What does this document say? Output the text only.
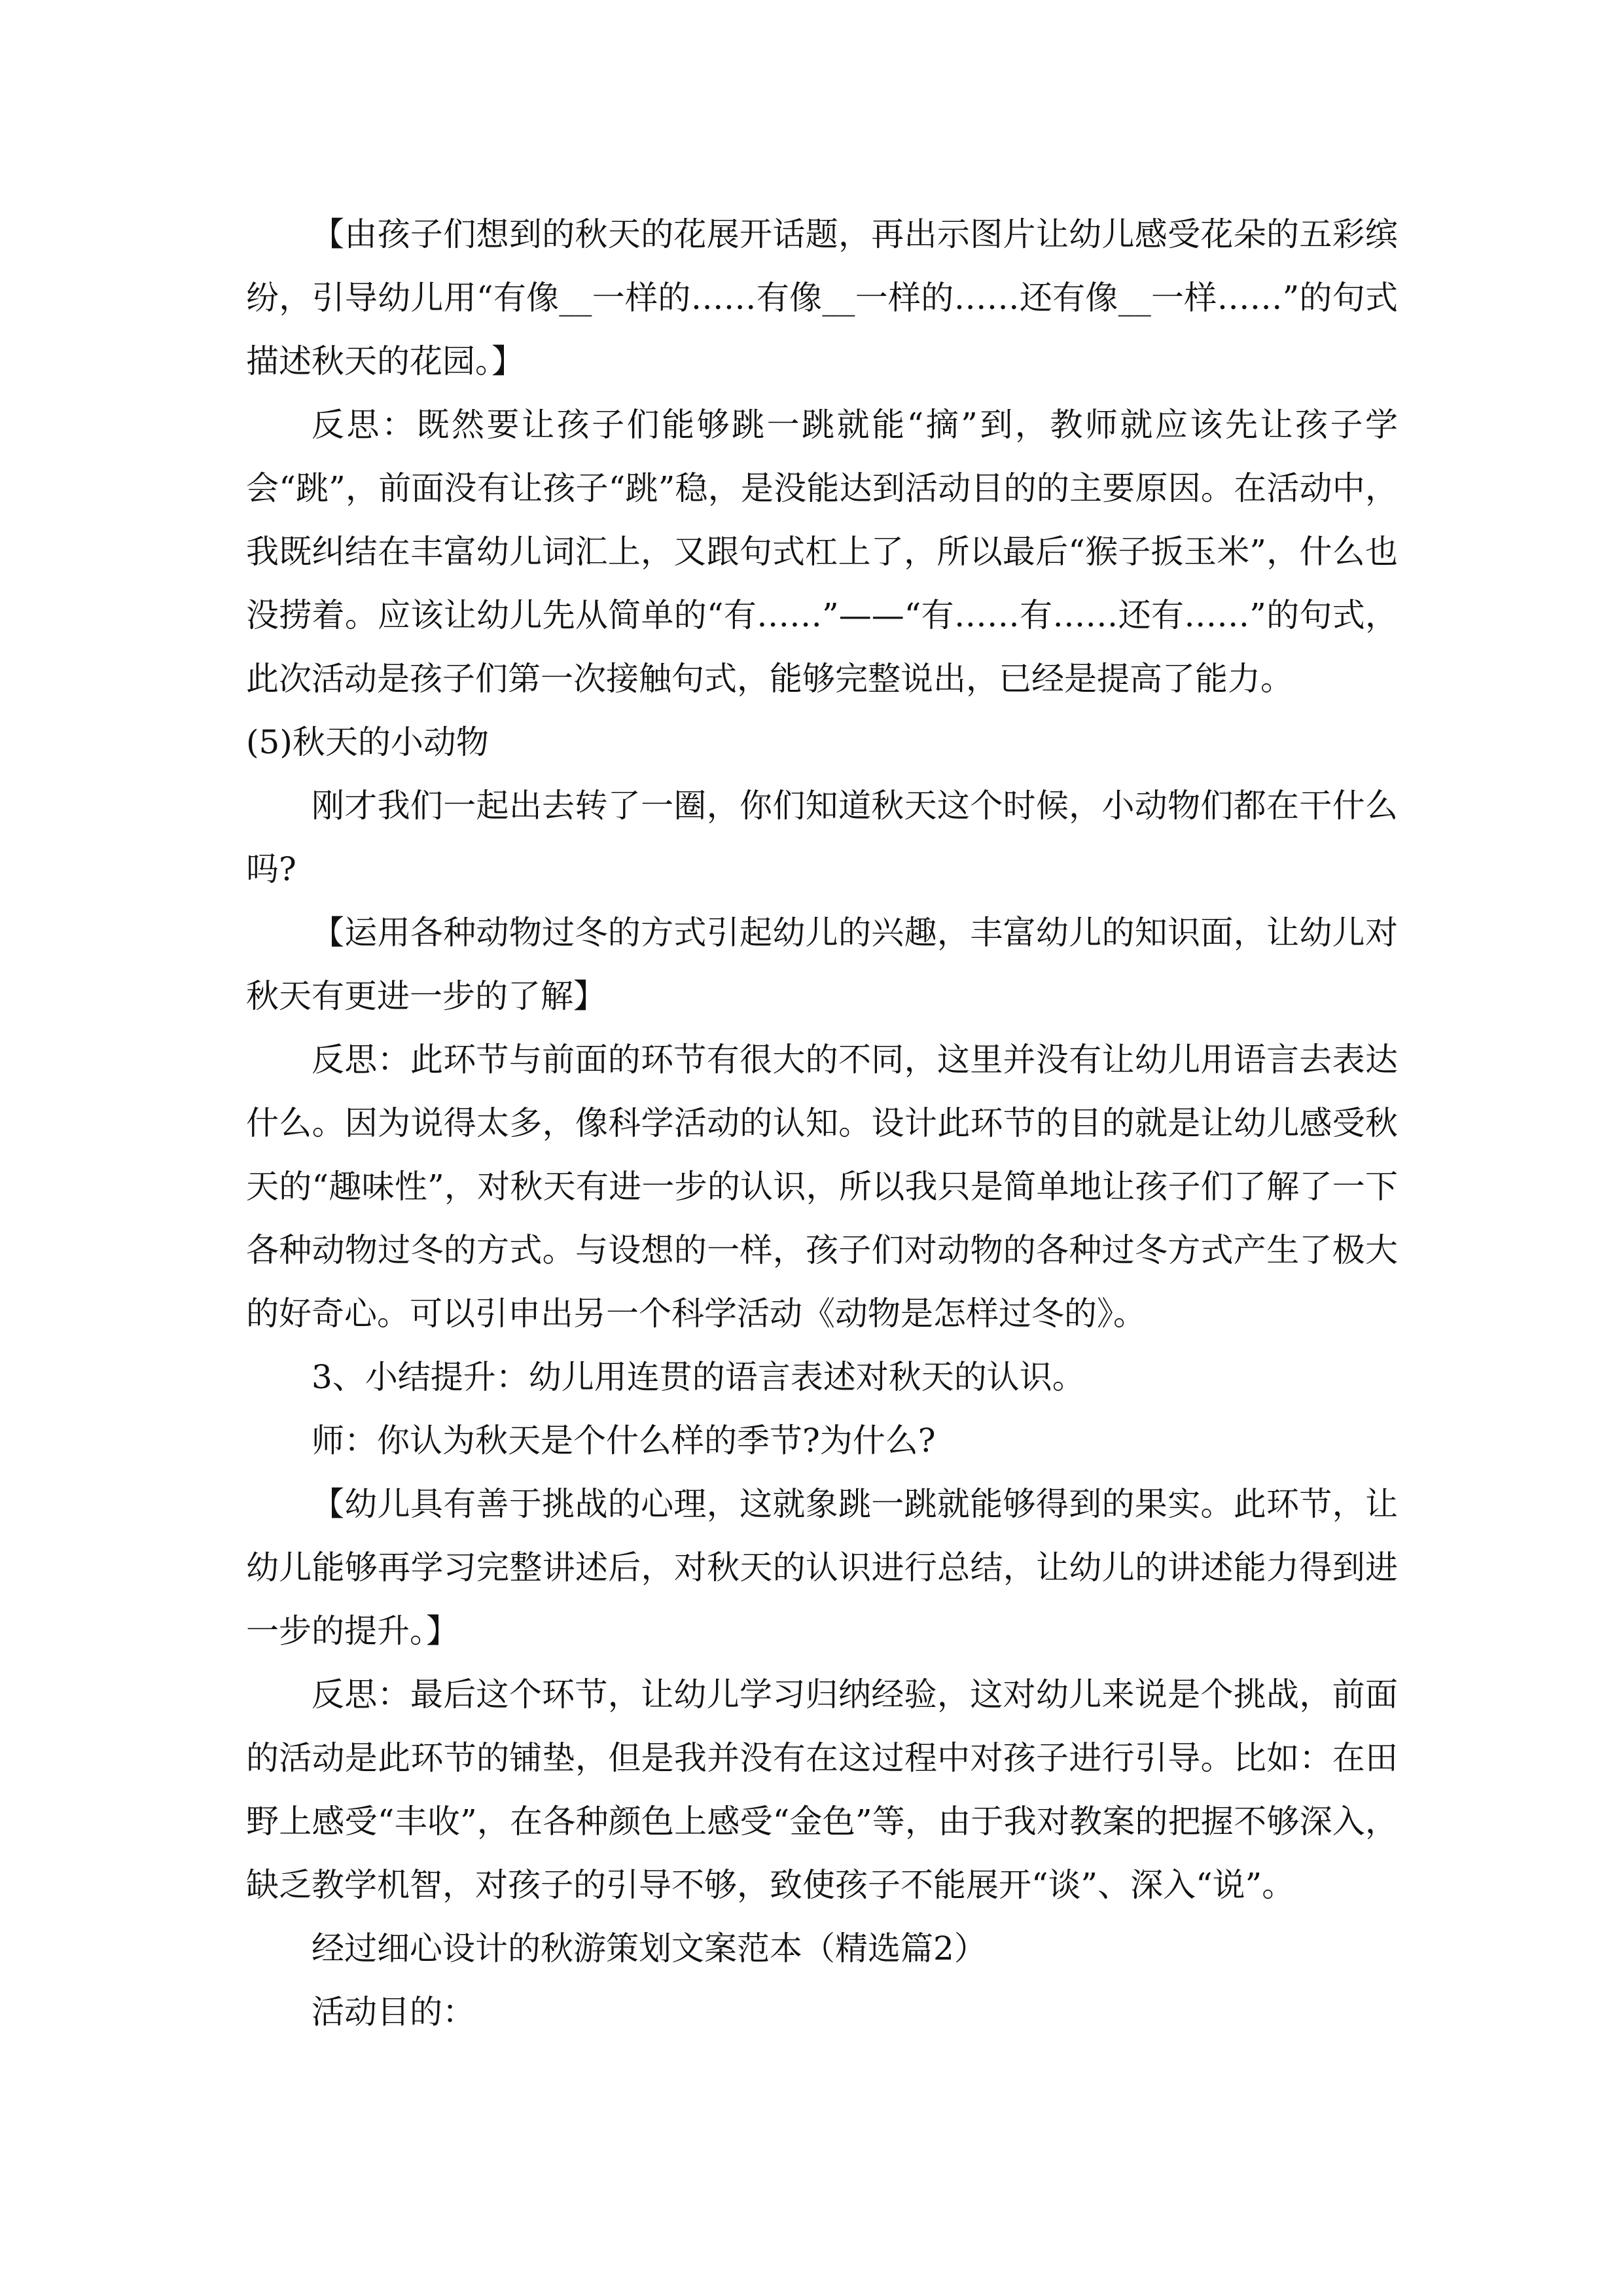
【由孩子们想到的秋天的花展开话题，再出示图片让幼儿感受花朵的五彩缤纷，引导幼儿用“有像__一样的……有像__一样的……还有像__一样……”的句式描述秋天的花园。】

反思：既然要让孩子们能够跳一跳就能“摘”到，教师就应该先让孩子学会“跳”，前面没有让孩子“跳”稳，是没能达到活动目的的主要原因。在活动中，我既纠结在丰富幼儿词汇上，又跟句式杠上了，所以最后“猴子扳玉米”，什么也没捞着。应该让幼儿先从简单的“有……”——“有……有……还有……”的句式，此次活动是孩子们第一次接触句式，能够完整说出，已经是提高了能力。

(5)秋天的小动物

刚才我们一起出去转了一圈，你们知道秋天这个时候，小动物们都在干什么吗?

【运用各种动物过冬的方式引起幼儿的兴趣，丰富幼儿的知识面，让幼儿对秋天有更进一步的了解】

反思：此环节与前面的环节有很大的不同，这里并没有让幼儿用语言去表达什么。因为说得太多，像科学活动的认知。设计此环节的目的就是让幼儿感受秋天的“趣味性”，对秋天有进一步的认识，所以我只是简单地让孩子们了解了一下各种动物过冬的方式。与设想的一样，孩子们对动物的各种过冬方式产生了极大的好奇心。可以引申出另一个科学活动《动物是怎样过冬的》。

3、小结提升：幼儿用连贯的语言表述对秋天的认识。

师：你认为秋天是个什么样的季节?为什么?

【幼儿具有善于挑战的心理，这就象跳一跳就能够得到的果实。此环节，让幼儿能够再学习完整讲述后，对秋天的认识进行总结，让幼儿的讲述能力得到进一步的提升。】

反思：最后这个环节，让幼儿学习归纳经验，这对幼儿来说是个挑战，前面的活动是此环节的铺垫，但是我并没有在这过程中对孩子进行引导。比如：在田野上感受“丰收”，在各种颜色上感受“金色”等，由于我对教案的把握不够深入，缺乏教学机智，对孩子的引导不够，致使孩子不能展开“谈”、深入“说”。

经过细心设计的秋游策划文案范本（精选篇2）

活动目的：
